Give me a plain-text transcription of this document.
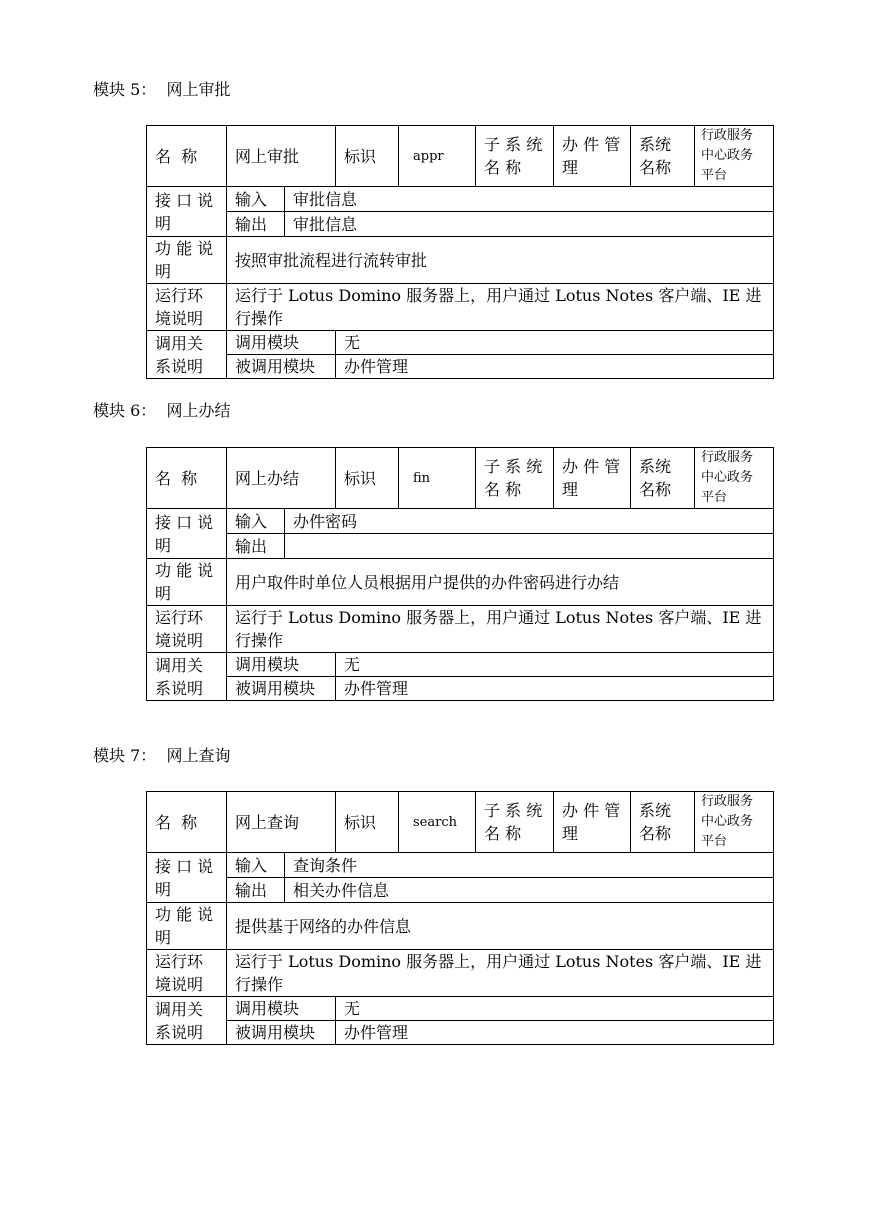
模块 5：  网上审批
名  称	网上审批		标识	appr	子 系 统 名 称	办 件 管 理	系统 名称	行政服务 中心政务 平台
接 口 说 明	输入	审批信息						
	输出	审批信息						
功 能 说 明	按照审批流程进行流转审批							
运行环 境说明	运行于 Lotus Domino 服务器上，用户通过 Lotus Notes 客户端、IE 进行操作							
调用关 系说明	调用模块		无					
	被调用模块		办件管理					
模块 6：  网上办结
名  称	网上办结		标识	fin	子 系 统 名 称	办 件 管 理	系统 名称	行政服务 中心政务 平台
接 口 说 明	输入	办件密码						
	输出							
功 能 说 明	用户取件时单位人员根据用户提供的办件密码进行办结							
运行环 境说明	运行于 Lotus Domino 服务器上，用户通过 Lotus Notes 客户端、IE 进行操作							
调用关 系说明	调用模块		无					
	被调用模块		办件管理					
模块 7：  网上查询
名  称	网上查询		标识	search	子 系 统 名 称	办 件 管 理	系统 名称	行政服务 中心政务 平台
接 口 说 明	输入	查询条件						
	输出	相关办件信息						
功 能 说 明	提供基于网络的办件信息							
运行环 境说明	运行于 Lotus Domino 服务器上，用户通过 Lotus Notes 客户端、IE 进行操作							
调用关 系说明	调用模块		无					
	被调用模块		办件管理					
